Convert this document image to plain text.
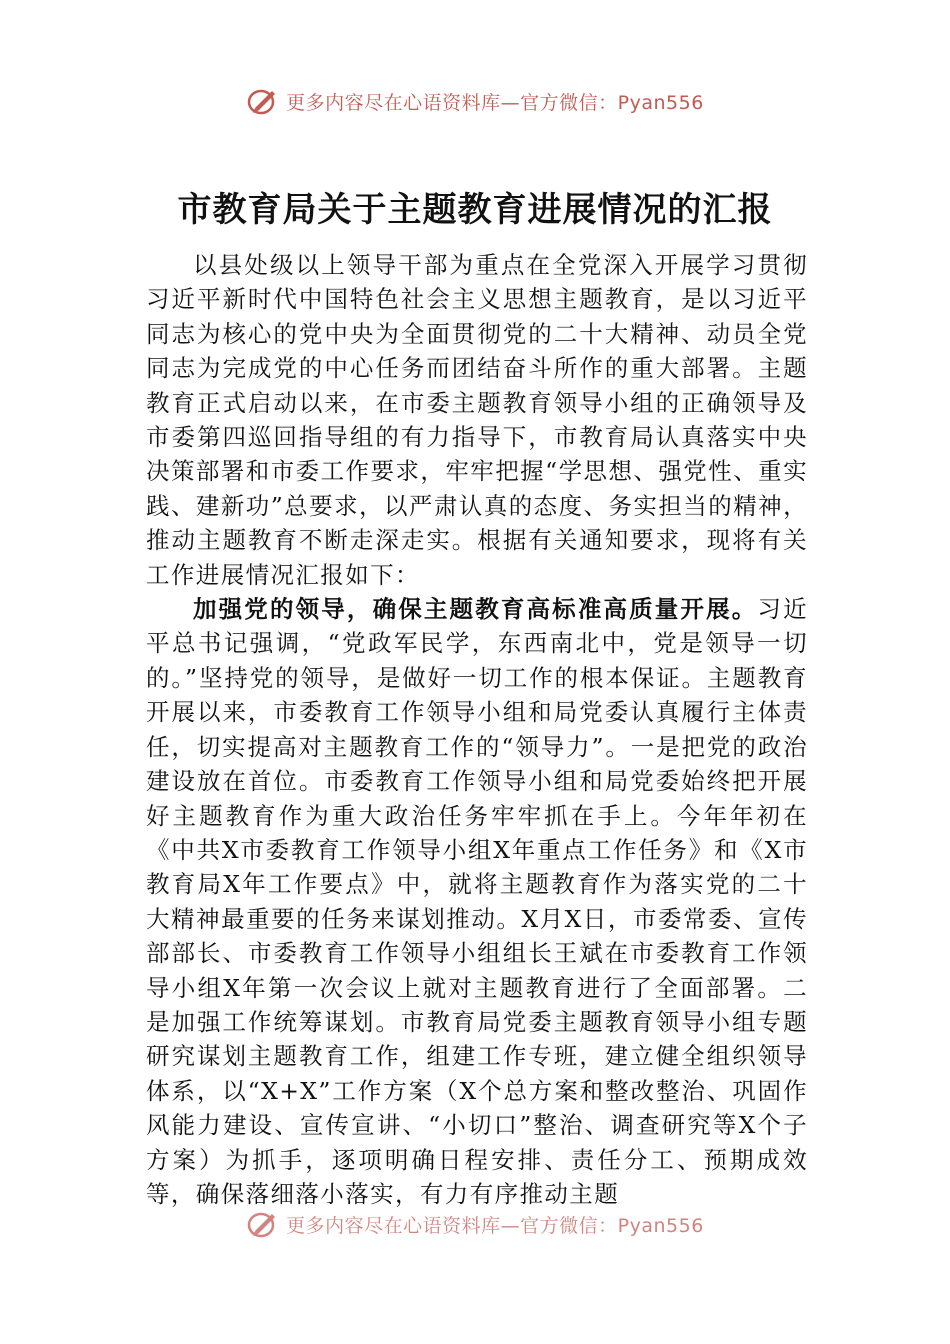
更多内容尽在心语资料库—官方微信：Pyan556
市教育局关于主题教育进展情况的汇报

以县处级以上领导干部为重点在全党深入开展学习贯彻习近平新时代中国特色社会主义思想主题教育，是以习近平同志为核心的党中央为全面贯彻党的二十大精神、动员全党同志为完成党的中心任务而团结奋斗所作的重大部署。主题教育正式启动以来，在市委主题教育领导小组的正确领导及市委第四巡回指导组的有力指导下，市教育局认真落实中央决策部署和市委工作要求，牢牢把握“学思想、强党性、重实践、建新功”总要求，以严肃认真的态度、务实担当的精神，推动主题教育不断走深走实。根据有关通知要求，现将有关工作进展情况汇报如下：

加强党的领导，确保主题教育高标准高质量开展。习近平总书记强调，“党政军民学，东西南北中，党是领导一切的。”坚持党的领导，是做好一切工作的根本保证。主题教育开展以来，市委教育工作领导小组和局党委认真履行主体责任，切实提高对主题教育工作的“领导力”。一是把党的政治建设放在首位。市委教育工作领导小组和局党委始终把开展好主题教育作为重大政治任务牢牢抓在手上。今年年初在《中共X市委教育工作领导小组X年重点工作任务》和《X市教育局X年工作要点》中，就将主题教育作为落实党的二十大精神最重要的任务来谋划推动。X月X日，市委常委、宣传部部长、市委教育工作领导小组组长王斌在市委教育工作领导小组X年第一次会议上就对主题教育进行了全面部署。二是加强工作统筹谋划。市教育局党委主题教育领导小组专题研究谋划主题教育工作，组建工作专班，建立健全组织领导体系，以“X+X”工作方案（X个总方案和整改整治、巩固作风能力建设、宣传宣讲、“小切口”整治、调查研究等X个子方案）为抓手，逐项明确日程安排、责任分工、预期成效等，确保落细落小落实，有力有序推动主题

更多内容尽在心语资料库—官方微信：Pyan556
